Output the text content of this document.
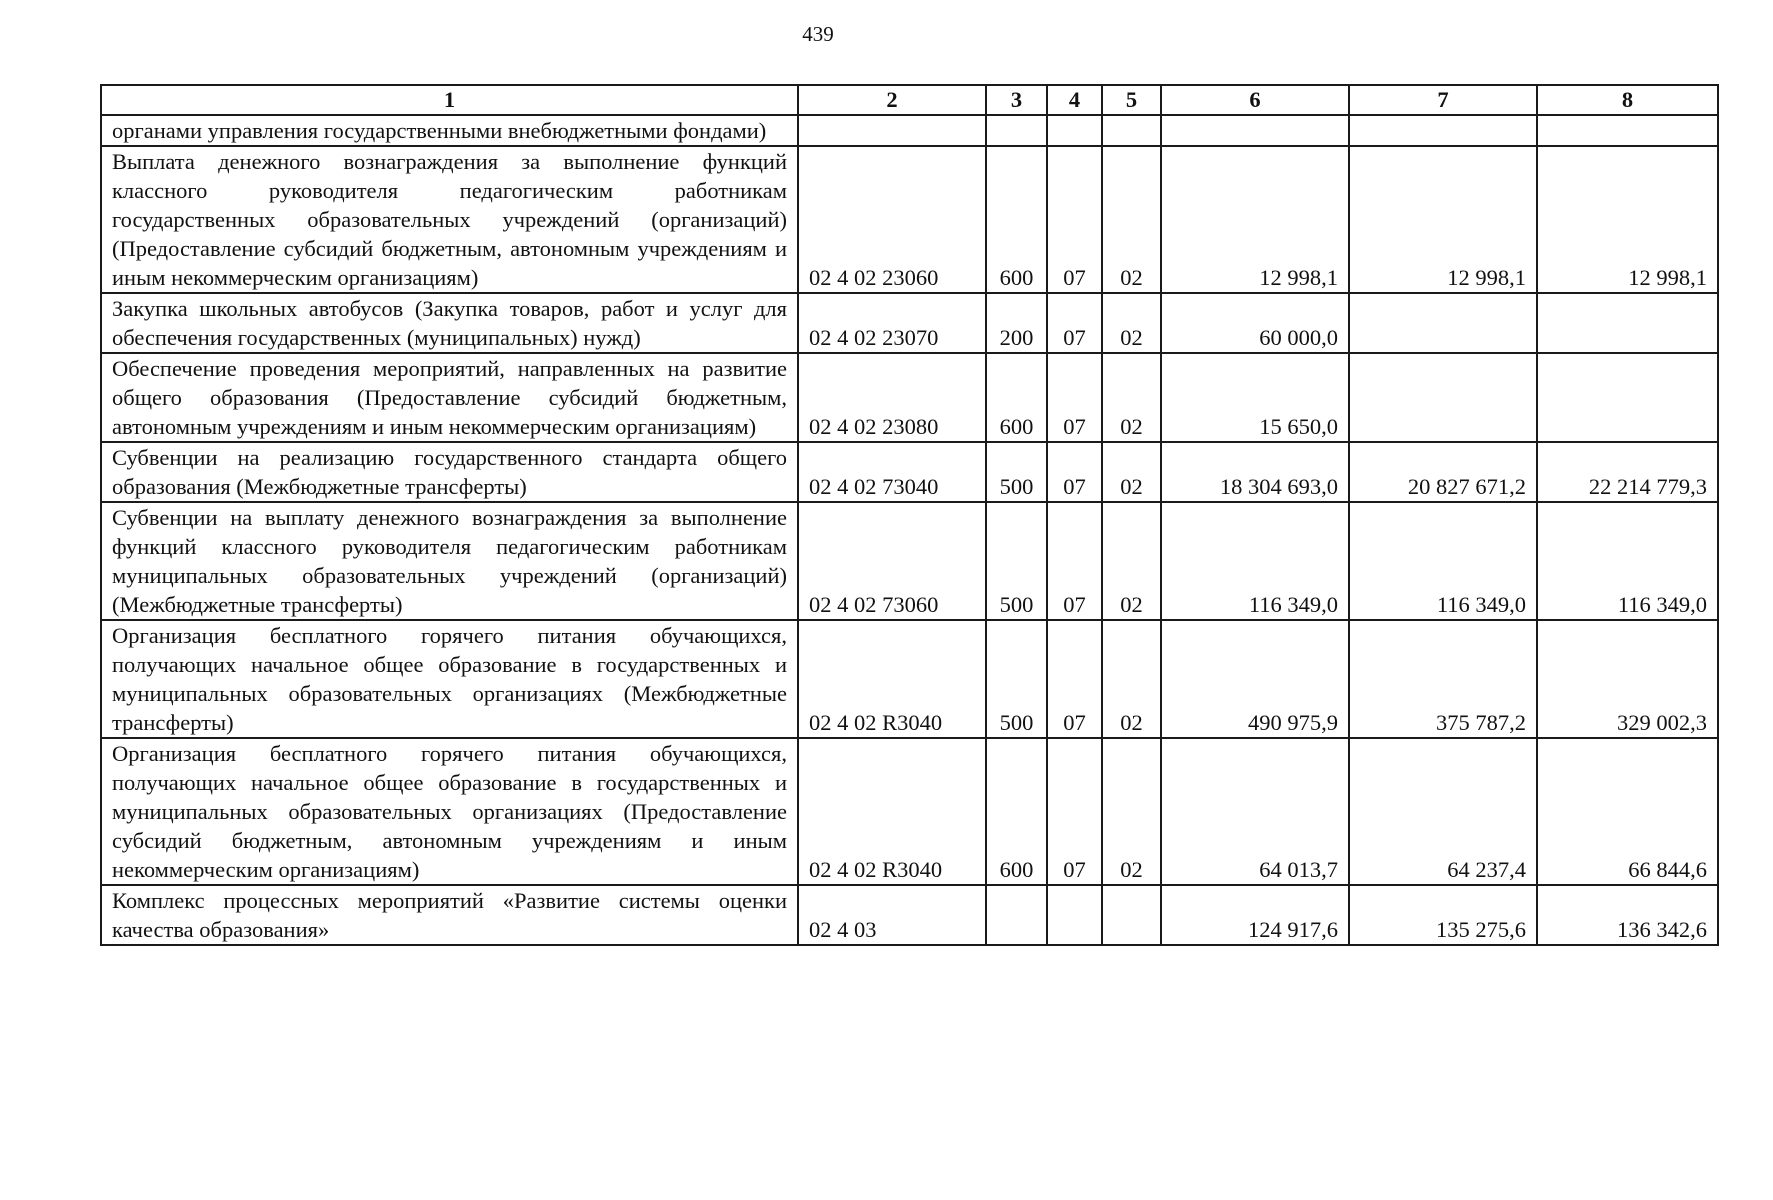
439
1	2	3	4	5	6	7	8
органами управления государственными внебюджетными фондами)							
Выплата денежного вознаграждения за выполнение функций классного руководителя педагогическим работникам государственных образовательных учреждений (организаций) (Предоставление субсидий бюджетным, автономным учреждениям и иным некоммерческим организациям)	02 4 02 23060	600	07	02	12 998,1	12 998,1	12 998,1
Закупка школьных автобусов (Закупка товаров, работ и услуг для обеспечения государственных (муниципальных) нужд)	02 4 02 23070	200	07	02	60 000,0		
Обеспечение проведения мероприятий, направленных на развитие общего образования (Предоставление субсидий бюджетным, автономным учреждениям и иным некоммерческим организациям)	02 4 02 23080	600	07	02	15 650,0		
Субвенции на реализацию государственного стандарта общего образования (Межбюджетные трансферты)	02 4 02 73040	500	07	02	18 304 693,0	20 827 671,2	22 214 779,3
Субвенции на выплату денежного вознаграждения за выполнение функций классного руководителя педагогическим работникам муниципальных образовательных учреждений (организаций) (Межбюджетные трансферты)	02 4 02 73060	500	07	02	116 349,0	116 349,0	116 349,0
Организация бесплатного горячего питания обучающихся, получающих начальное общее образование в государственных и муниципальных образовательных организациях (Межбюджетные трансферты)	02 4 02 R3040	500	07	02	490 975,9	375 787,2	329 002,3
Организация бесплатного горячего питания обучающихся, получающих начальное общее образование в государственных и муниципальных образовательных организациях (Предоставление субсидий бюджетным, автономным учреждениям и иным некоммерческим организациям)	02 4 02 R3040	600	07	02	64 013,7	64 237,4	66 844,6
Комплекс процессных мероприятий «Развитие системы оценки качества образования»	02 4 03				124 917,6	135 275,6	136 342,6
